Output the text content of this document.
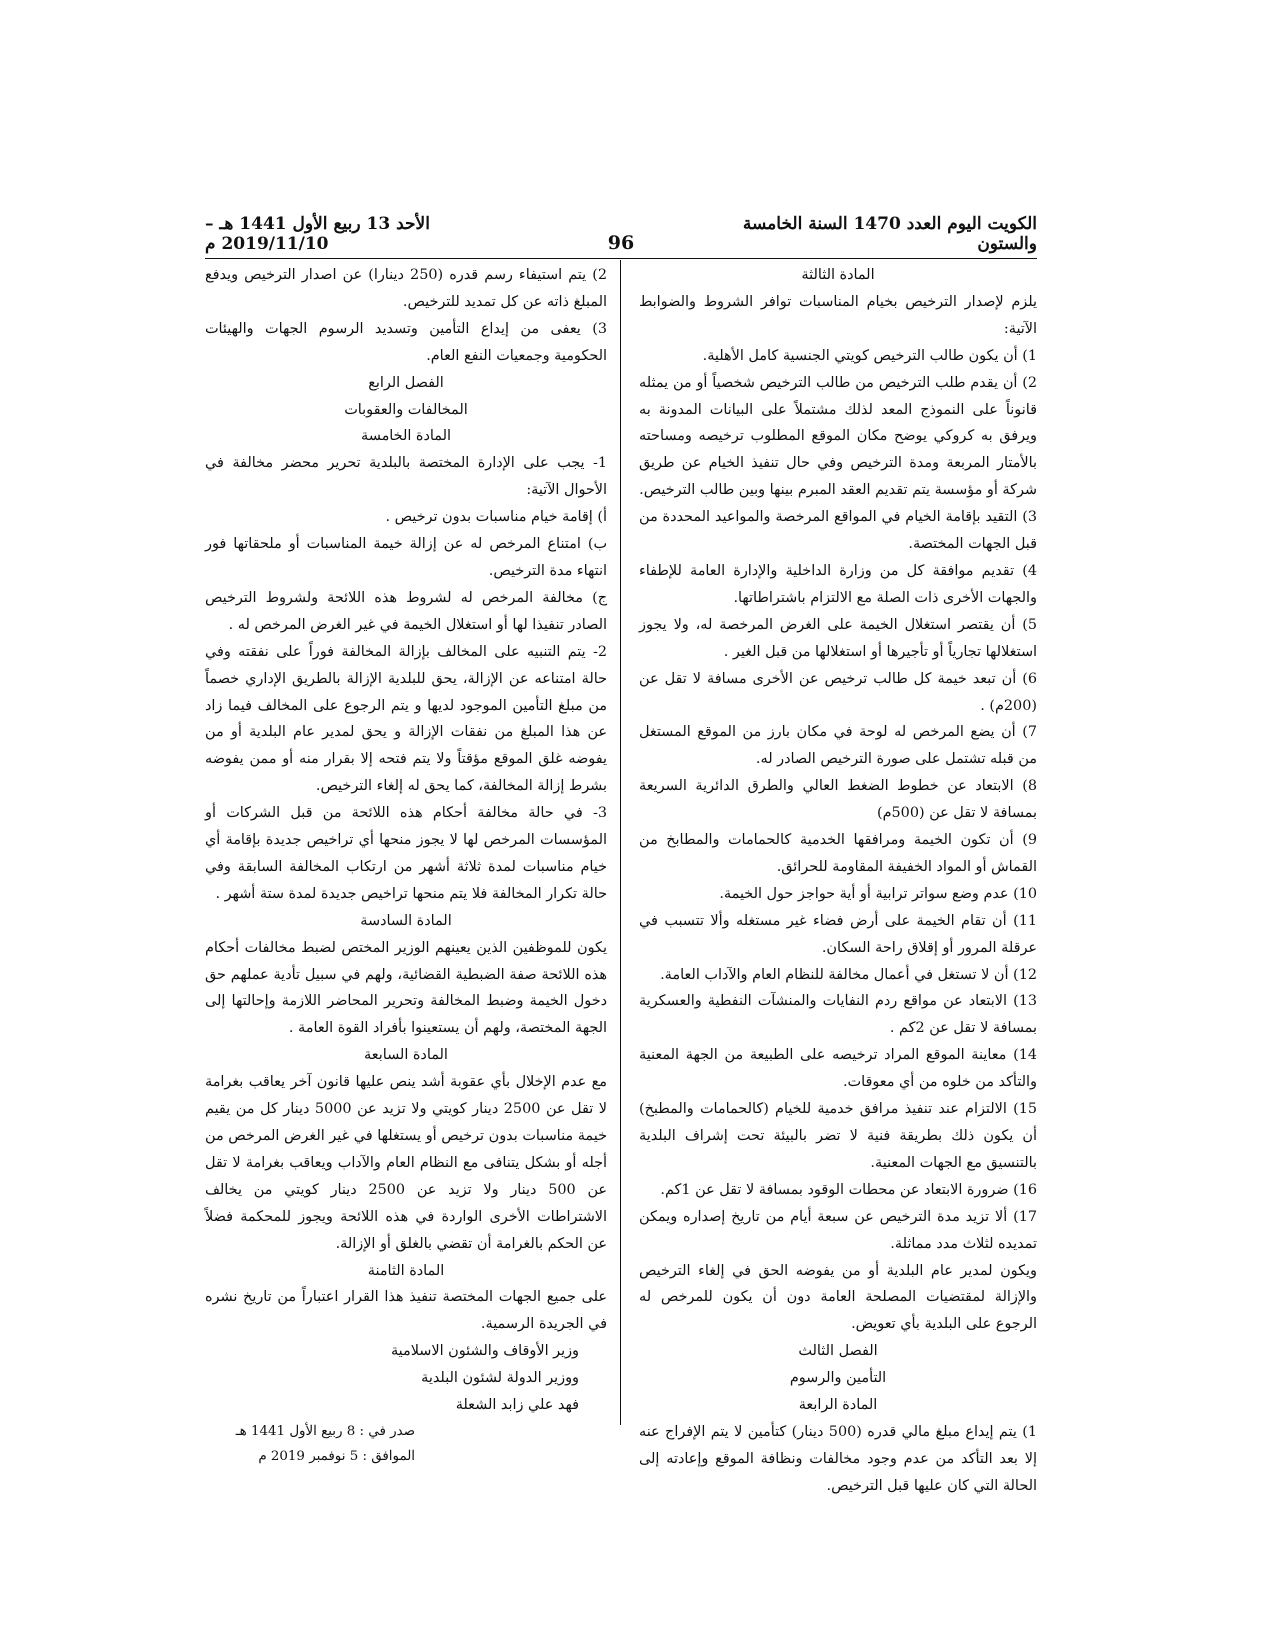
الكويت اليوم العدد 1470 السنة الخامسة والستون
96
الأحد 13 ربيع الأول 1441 هـ – 2019/11/10 م

المادة الثالثة

يلزم لإصدار الترخيص بخيام المناسبات توافر الشروط والضوابط الآتية:

1) أن يكون طالب الترخيص كويتي الجنسية كامل الأهلية.

2) أن يقدم طلب الترخيص من طالب الترخيص شخصياً أو من يمثله قانوناً على النموذج المعد لذلك مشتملاً على البيانات المدونة به ويرفق به كروكي يوضح مكان الموقع المطلوب ترخيصه ومساحته بالأمتار المربعة ومدة الترخيص وفي حال تنفيذ الخيام عن طريق شركة أو مؤسسة يتم تقديم العقد المبرم بينها وبين طالب الترخيص.

3) التقيد بإقامة الخيام في المواقع المرخصة والمواعيد المحددة من قبل الجهات المختصة.

4) تقديم موافقة كل من وزارة الداخلية والإدارة العامة للإطفاء والجهات الأخرى ذات الصلة مع الالتزام باشتراطاتها.

5) أن يقتصر استغلال الخيمة على الغرض المرخصة له، ولا يجوز استغلالها تجارياً أو تأجيرها أو استغلالها من قبل الغير .

6) أن تبعد خيمة كل طالب ترخيص عن الأخرى مسافة لا تقل عن (200م) .

7) أن يضع المرخص له لوحة في مكان بارز من الموقع المستغل من قبله تشتمل على صورة الترخيص الصادر له.

8) الابتعاد عن خطوط الضغط العالي والطرق الدائرية السريعة بمسافة لا تقل عن (500م)

9) أن تكون الخيمة ومرافقها الخدمية كالحمامات والمطابخ من القماش أو المواد الخفيفة المقاومة للحرائق.

10) عدم وضع سواتر ترابية أو أية حواجز حول الخيمة.

11) أن تقام الخيمة على أرض فضاء غير مستغله وألا تتسبب في عرقلة المرور أو إقلاق راحة السكان.

12) أن لا تستغل في أعمال مخالفة للنظام العام والآداب العامة.

13) الابتعاد عن مواقع ردم النفايات والمنشآت النفطية والعسكرية بمسافة لا تقل عن 2كم .

14) معاينة الموقع المراد ترخيصه على الطبيعة من الجهة المعنية والتأكد من خلوه من أي معوقات.

15) الالتزام عند تنفيذ مرافق خدمية للخيام (كالحمامات والمطبخ) أن يكون ذلك بطريقة فنية لا تضر بالبيئة تحت إشراف البلدية بالتنسيق مع الجهات المعنية.

16) ضرورة الابتعاد عن محطات الوقود بمسافة لا تقل عن 1كم.

17) ألا تزيد مدة الترخيص عن سبعة أيام من تاريخ إصداره ويمكن تمديده لثلاث مدد مماثلة.

ويكون لمدير عام البلدية أو من يفوضه الحق في إلغاء الترخيص والإزالة لمقتضيات المصلحة العامة دون أن يكون للمرخص له الرجوع على البلدية بأي تعويض.

الفصل الثالث

التأمين والرسوم

المادة الرابعة

1) يتم إيداع مبلغ مالي قدره (500 دينار) كتأمين لا يتم الإفراج عنه إلا بعد التأكد من عدم وجود مخالفات ونظافة الموقع وإعادته إلى الحالة التي كان عليها قبل الترخيص.

2) يتم استيفاء رسم قدره (250 دينارا) عن اصدار الترخيص ويدفع المبلغ ذاته عن كل تمديد للترخيص.

3) يعفى من إيداع التأمين وتسديد الرسوم الجهات والهيئات الحكومية وجمعيات النفع العام.

الفصل الرابع

المخالفات والعقوبات

المادة الخامسة

1- يجب على الإدارة المختصة بالبلدية تحرير محضر مخالفة في الأحوال الآتية:

أ) إقامة خيام مناسبات بدون ترخيص .

ب) امتناع المرخص له عن إزالة خيمة المناسبات أو ملحقاتها فور انتهاء مدة الترخيص.

ج) مخالفة المرخص له لشروط هذه اللائحة ولشروط الترخيص الصادر تنفيذا لها أو استغلال الخيمة في غير الغرض المرخص له .

2- يتم التنبيه على المخالف بإزالة المخالفة فوراً على نفقته وفي حالة امتناعه عن الإزالة، يحق للبلدية الإزالة بالطريق الإداري خصماً من مبلغ التأمين الموجود لديها و يتم الرجوع على المخالف فيما زاد عن هذا المبلغ من نفقات الإزالة و يحق لمدير عام البلدية أو من يفوضه غلق الموقع مؤقتاً ولا يتم فتحه إلا بقرار منه أو ممن يفوضه بشرط إزالة المخالفة، كما يحق له إلغاء الترخيص.

3- في حالة مخالفة أحكام هذه اللائحة من قبل الشركات أو المؤسسات المرخص لها لا يجوز منحها أي تراخيص جديدة بإقامة أي خيام مناسبات لمدة ثلاثة أشهر من ارتكاب المخالفة السابقة وفي حالة تكرار المخالفة فلا يتم منحها تراخيص جديدة لمدة ستة أشهر .

المادة السادسة

يكون للموظفين الذين يعينهم الوزير المختص لضبط مخالفات أحكام هذه اللائحة صفة الضبطية القضائية، ولهم في سبيل تأدية عملهم حق دخول الخيمة وضبط المخالفة وتحرير المحاضر اللازمة وإحالتها إلى الجهة المختصة، ولهم أن يستعينوا بأفراد القوة العامة .

المادة السابعة

مع عدم الإخلال بأي عقوبة أشد ينص عليها قانون آخر يعاقب بغرامة لا تقل عن 2500 دينار كويتي ولا تزيد عن 5000 دينار كل من يقيم خيمة مناسبات بدون ترخيص أو يستغلها في غير الغرض المرخص من أجله أو بشكل يتنافى مع النظام العام والآداب ويعاقب بغرامة لا تقل عن 500 دينار ولا تزيد عن 2500 دينار كويتي من يخالف الاشتراطات الأخرى الواردة في هذه اللائحة ويجوز للمحكمة فضلاً عن الحكم بالغرامة أن تقضي بالغلق أو الإزالة.

المادة الثامنة

على جميع الجهات المختصة تنفيذ هذا القرار اعتباراً من تاريخ نشره في الجريدة الرسمية.

وزير الأوقاف والشئون الاسلامية

ووزير الدولة لشئون البلدية

فهد علي زابد الشعلة

صدر في : 8 ربيع الأول 1441 هـ

الموافق : 5 نوفمبر 2019 م
